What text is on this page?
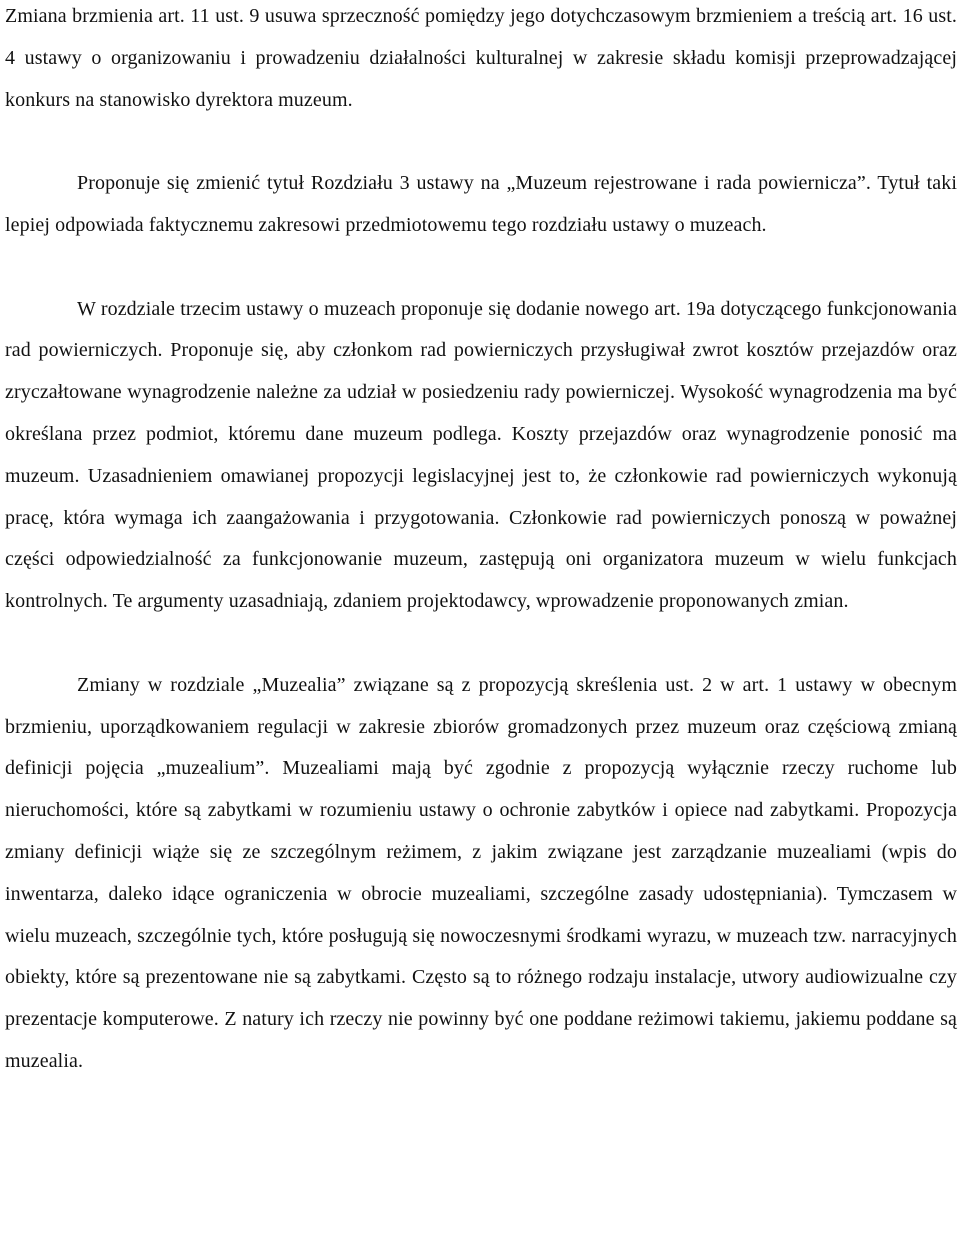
Zmiana brzmienia art. 11 ust. 9 usuwa sprzeczność pomiędzy jego dotychczasowym brzmieniem a treścią art. 16 ust. 4 ustawy o organizowaniu i prowadzeniu działalności kulturalnej w zakresie składu komisji przeprowadzającej konkurs na stanowisko dyrektora muzeum.

Proponuje się zmienić tytuł Rozdziału 3 ustawy na „Muzeum rejestrowane i rada powiernicza”. Tytuł taki lepiej odpowiada faktycznemu zakresowi przedmiotowemu tego rozdziału ustawy o muzeach.

W rozdziale trzecim ustawy o muzeach proponuje się dodanie nowego art. 19a dotyczącego funkcjonowania rad powierniczych. Proponuje się, aby członkom rad powierniczych przysługiwał zwrot kosztów przejazdów oraz zryczałtowane wynagrodzenie należne za udział w posiedzeniu rady powierniczej. Wysokość wynagrodzenia ma być określana przez podmiot, któremu dane muzeum podlega. Koszty przejazdów oraz wynagrodzenie ponosić ma muzeum. Uzasadnieniem omawianej propozycji legislacyjnej jest to, że członkowie rad powierniczych wykonują pracę, która wymaga ich zaangażowania i przygotowania. Członkowie rad powierniczych ponoszą w poważnej części odpowiedzialność za funkcjonowanie muzeum, zastępują oni organizatora muzeum w wielu funkcjach kontrolnych. Te argumenty uzasadniają, zdaniem projektodawcy, wprowadzenie proponowanych zmian.

Zmiany w rozdziale „Muzealia” związane są z propozycją skreślenia ust. 2 w art. 1 ustawy w obecnym brzmieniu, uporządkowaniem regulacji w zakresie zbiorów gromadzonych przez muzeum oraz częściową zmianą definicji pojęcia „muzealium”. Muzealiami mają być zgodnie z propozycją wyłącznie rzeczy ruchome lub nieruchomości, które są zabytkami w rozumieniu ustawy o ochronie zabytków i opiece nad zabytkami. Propozycja zmiany definicji wiąże się ze szczególnym reżimem, z jakim związane jest zarządzanie muzealiami (wpis do inwentarza, daleko idące ograniczenia w obrocie muzealiami, szczególne zasady udostępniania). Tymczasem w wielu muzeach, szczególnie tych, które posługują się nowoczesnymi środkami wyrazu, w muzeach tzw. narracyjnych obiekty, które są prezentowane nie są zabytkami. Często są to różnego rodzaju instalacje, utwory audiowizualne czy prezentacje komputerowe. Z natury ich rzeczy nie powinny być one poddane reżimowi takiemu, jakiemu poddane są muzealia.
